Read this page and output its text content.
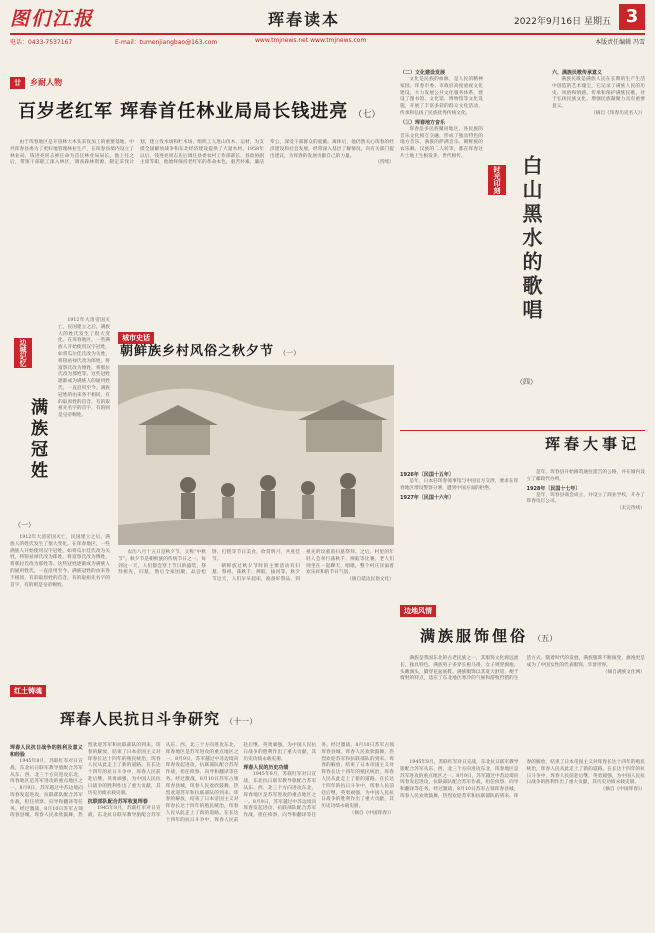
图们江报	珲春读本	2022年9月16日 星期五 3
电话：0433-7537167	E-mail：tumenjiangbao@163.com	www.tmjnews.net www.tmjnews.com	本版责任编辑 冯雪
廿 乡耐人物
百岁老红军 珲春首任林业局局长钱进亮 （七）

由于珲春地区是开垦林大木头采伐加工的重要基地，中共珲春县委为了更好地管理林业生产，在珲春县境内设立了林业局，钱进亮同志被任命为首任林业局局长。他上任之后，带领干部职工深入林区，调查森林资源，制定采伐计划，建立伐木场和贮木场，组织工人进山伐木、运材，为支援全国解放战争和东北经济建设提供了大量木材。1958年以后，钱进亮同志先后调任县委农村工作部部长、县政协副主席等职，他始终保持老红军的革命本色，艰苦朴素，廉洁奉公，深受干部群众的爱戴。离休后，他仍然关心珲春的经济建设和社会发展，经常深入基层了解情况，向有关部门提出建议，为珲春的发展贡献自己的力量。

（待续）

1912年大清帝国灭亡，民国建立之后，满族人的姓氏发生了很大变化。在珲春地区，一些满族人开始使用汉字冠姓，如将瓜尔佳氏改为关姓，将钮祜禄氏改为郎姓，将富察氏改为傅姓，将那拉氏改为那姓等。这些冠姓逐渐成为满族人的通用姓氏，一直沿用至今。满族冠姓的由来各不相同，有的取原姓的首音，有的取祖先名字的首字，有的则是皇帝赐姓。

边城记忆
满族冠姓
（一）

1912年大清帝国灭亡，民国建立之后，满族人的姓氏发生了很大变化。在珲春地区，一些满族人开始使用汉字冠姓，如将瓜尔佳氏改为关姓，将钮祜禄氏改为郎姓，将富察氏改为傅姓，将那拉氏改为那姓等。这些冠姓逐渐成为满族人的通用姓氏，一直沿用至今。满族冠姓的由来各不相同，有的取原姓的首音，有的取祖先名字的首字，有的则是皇帝赐姓。

城市史话
朝鲜族乡村风俗之秋夕节 （一）

农历八月十五日是秋夕节，又称“中秋节”。秋夕节是朝鲜族的传统节日之一。每到这一天，人们都会穿上节日的盛装，祭拜祖先，扫墓，然后全家团聚，品尝松饼、打糕等节日美食，欣赏明月，共度佳节。

朝鲜族过秋夕节时的主要活动有扫墓、祭祖、荡秋千、摔跤、拔河等。秋夕节这天，人们早早起床，准备好祭品，到祖先的坟墓前扫墓祭拜。之后，村里的年轻人会举行荡秋千、摔跤等比赛，老人们则坐在一起聊天、唱歌，整个村庄洋溢着欢乐祥和的节日气氛。

（摘自延边民俗文化）

（二）文化建设发展

文化是民族的血脉，是人民的精神家园。珲春市委、市政府高度重视文化建设，大力发展公共文化服务体系，建设了图书馆、文化馆、博物馆等文化设施，开展了丰富多彩的群众文化活动，传承和弘扬了民族优秀传统文化。

（三）珲春地方音乐

珲春是多民族聚居地区，各民族的音乐文化相互交融，形成了独具特色的地方音乐。满族的萨满音乐、朝鲜族的农乐舞、汉族的二人转等，都在珲春这片土地上生根发芽，世代相传。

时光印刻 白山黑水的歌唱
（四）
六、满族民歌传承意义

满族民歌是满族人民在长期的生产生活中创造的艺术瑰宝，它记录了满族人民的历史、风俗和情感。传承和保护满族民歌，对于弘扬民族文化、增强民族凝聚力具有重要意义。

（摘自《珲春历史名人》）

珲春大事记
1926年〔民国十五年〕

是年，日本驻珲春领事馆与中国官方交涉，要求在珲春地区增设警察分署，遭到中国方面的拒绝。

1927年〔民国十六年〕

是年，珲春县开始修筑通往延吉的公路，并在城内设立了邮政代办所。

1928年〔民国十七年〕

是年，珲春县商会成立，并设立了商业学校，开办了珲春电灯公司。

（未完待续）

红土铸魂
珲春人民抗日斗争研究 （十一）
珲春人民抗日战争的胜利及意义和经验

1945年8月，苏联红军对日宣战，东北抗日联军教导旅配合苏军从东、西、北三个方向进攻东北，珲春地区是苏军进攻的重点地区之一。8月9日，苏军越过中苏边境向珲春发起进攻，抗联部队配合苏军作战，担任侦察、向导和翻译等任务。经过激战，8月10日苏军占领珲春县城，珲春人民欢欣鼓舞，热烈欢迎苏军和抗联部队的到来。珲春的解放，结束了日本帝国主义对珲春长达十四年的殖民统治，珲春人民从此走上了新的道路。在长达十四年的抗日斗争中，珲春人民前赴后继，英勇顽强，为中国人民抗日战争的胜利作出了重大贡献，其历史功绩永载史册。

抗联部队配合苏军收复珲春

1945年8月，苏联红军对日宣战，东北抗日联军教导旅配合苏军从东、西、北三个方向进攻东北，珲春地区是苏军进攻的重点地区之一。8月9日，苏军越过中苏边境向珲春发起进攻，抗联部队配合苏军作战，担任侦察、向导和翻译等任务。经过激战，8月10日苏军占领珲春县城，珲春人民欢欣鼓舞，热烈欢迎苏军和抗联部队的到来。珲春的解放，结束了日本帝国主义对珲春长达十四年的殖民统治，珲春人民从此走上了新的道路。在长达十四年的抗日斗争中，珲春人民前赴后继，英勇顽强，为中国人民抗日战争的胜利作出了重大贡献，其历史功绩永载史册。

珲春人民的历史功绩

1945年8月，苏联红军对日宣战，东北抗日联军教导旅配合苏军从东、西、北三个方向进攻东北，珲春地区是苏军进攻的重点地区之一。8月9日，苏军越过中苏边境向珲春发起进攻，抗联部队配合苏军作战，担任侦察、向导和翻译等任务。经过激战，8月10日苏军占领珲春县城，珲春人民欢欣鼓舞，热烈欢迎苏军和抗联部队的到来。珲春的解放，结束了日本帝国主义对珲春长达十四年的殖民统治，珲春人民从此走上了新的道路。在长达十四年的抗日斗争中，珲春人民前赴后继，英勇顽强，为中国人民抗日战争的胜利作出了重大贡献，其历史功绩永载史册。

（摘自《中国珲春》）

边地风情
满族服饰俚俗 （五）

满族是我国东北的古老民族之一，其服饰文化源远流长，独具特色。满族男子多穿长袍马褂，女子则穿旗袍，头戴旗头，脚穿花盆底鞋。满族服饰以其宽大舒适、便于骑射的特点，适应了东北地区寒冷的气候和游牧狩猎的生活方式。随着时代的发展，满族服饰不断演变，旗袍更是成为了中国女性的代表服饰，享誉世界。

（摘自满族文化网）

1945年8月，苏联红军对日宣战，东北抗日联军教导旅配合苏军从东、西、北三个方向进攻东北，珲春地区是苏军进攻的重点地区之一。8月9日，苏军越过中苏边境向珲春发起进攻，抗联部队配合苏军作战，担任侦察、向导和翻译等任务。经过激战，8月10日苏军占领珲春县城，珲春人民欢欣鼓舞，热烈欢迎苏军和抗联部队的到来。珲春的解放，结束了日本帝国主义对珲春长达十四年的殖民统治，珲春人民从此走上了新的道路。在长达十四年的抗日斗争中，珲春人民前赴后继，英勇顽强，为中国人民抗日战争的胜利作出了重大贡献，其历史功绩永载史册。

（摘自《中国珲春》）
